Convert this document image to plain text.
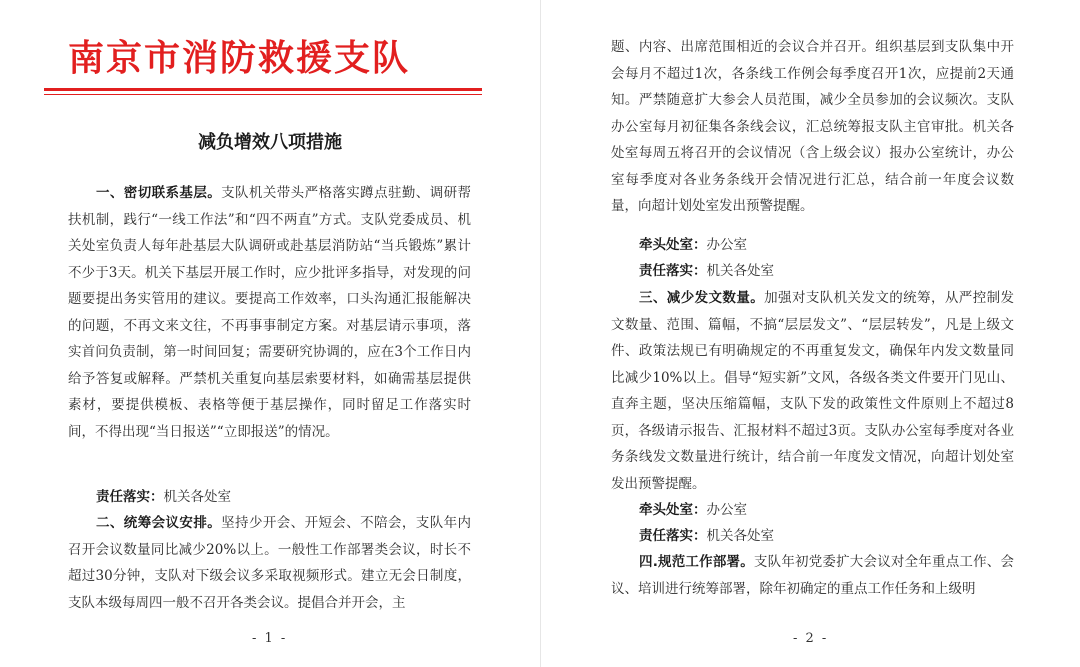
南京市消防救援支队
减负增效八项措施

一、密切联系基层。支队机关带头严格落实蹲点驻勤、调研帮扶机制，践行“一线工作法”和“四不两直”方式。支队党委成员、机关处室负责人每年赴基层大队调研或赴基层消防站“当兵锻炼”累计不少于3天。机关下基层开展工作时，应少批评多指导，对发现的问题要提出务实管用的建议。要提高工作效率，口头沟通汇报能解决的问题，不再文来文往，不再事事制定方案。对基层请示事项，落实首问负责制，第一时间回复；需要研究协调的，应在3个工作日内给予答复或解释。严禁机关重复向基层索要材料，如确需基层提供素材，要提供模板、表格等便于基层操作，同时留足工作落实时间，不得出现“当日报送”“立即报送”的情况。

责任落实：机关各处室

二、统筹会议安排。坚持少开会、开短会、不陪会，支队年内召开会议数量同比减少20%以上。一般性工作部署类会议，时长不超过30分钟，支队对下级会议多采取视频形式。建立无会日制度，支队本级每周四一般不召开各类会议。提倡合并开会，主

- 1 -

题、内容、出席范围相近的会议合并召开。组织基层到支队集中开会每月不超过1次，各条线工作例会每季度召开1次，应提前2天通知。严禁随意扩大参会人员范围，减少全员参加的会议频次。支队办公室每月初征集各条线会议，汇总统筹报支队主官审批。机关各处室每周五将召开的会议情况（含上级会议）报办公室统计，办公室每季度对各业务条线开会情况进行汇总，结合前一年度会议数量，向超计划处室发出预警提醒。

牵头处室：办公室

责任落实：机关各处室

三、减少发文数量。加强对支队机关发文的统筹，从严控制发文数量、范围、篇幅，不搞“层层发文”、“层层转发”，凡是上级文件、政策法规已有明确规定的不再重复发文，确保年内发文数量同比减少10%以上。倡导“短实新”文风，各级各类文件要开门见山、直奔主题，坚决压缩篇幅，支队下发的政策性文件原则上不超过8页，各级请示报告、汇报材料不超过3页。支队办公室每季度对各业务条线发文数量进行统计，结合前一年度发文情况，向超计划处室发出预警提醒。

牵头处室：办公室

责任落实：机关各处室

四.规范工作部署。支队年初党委扩大会议对全年重点工作、会议、培训进行统筹部署，除年初确定的重点工作任务和上级明

- 2 -
